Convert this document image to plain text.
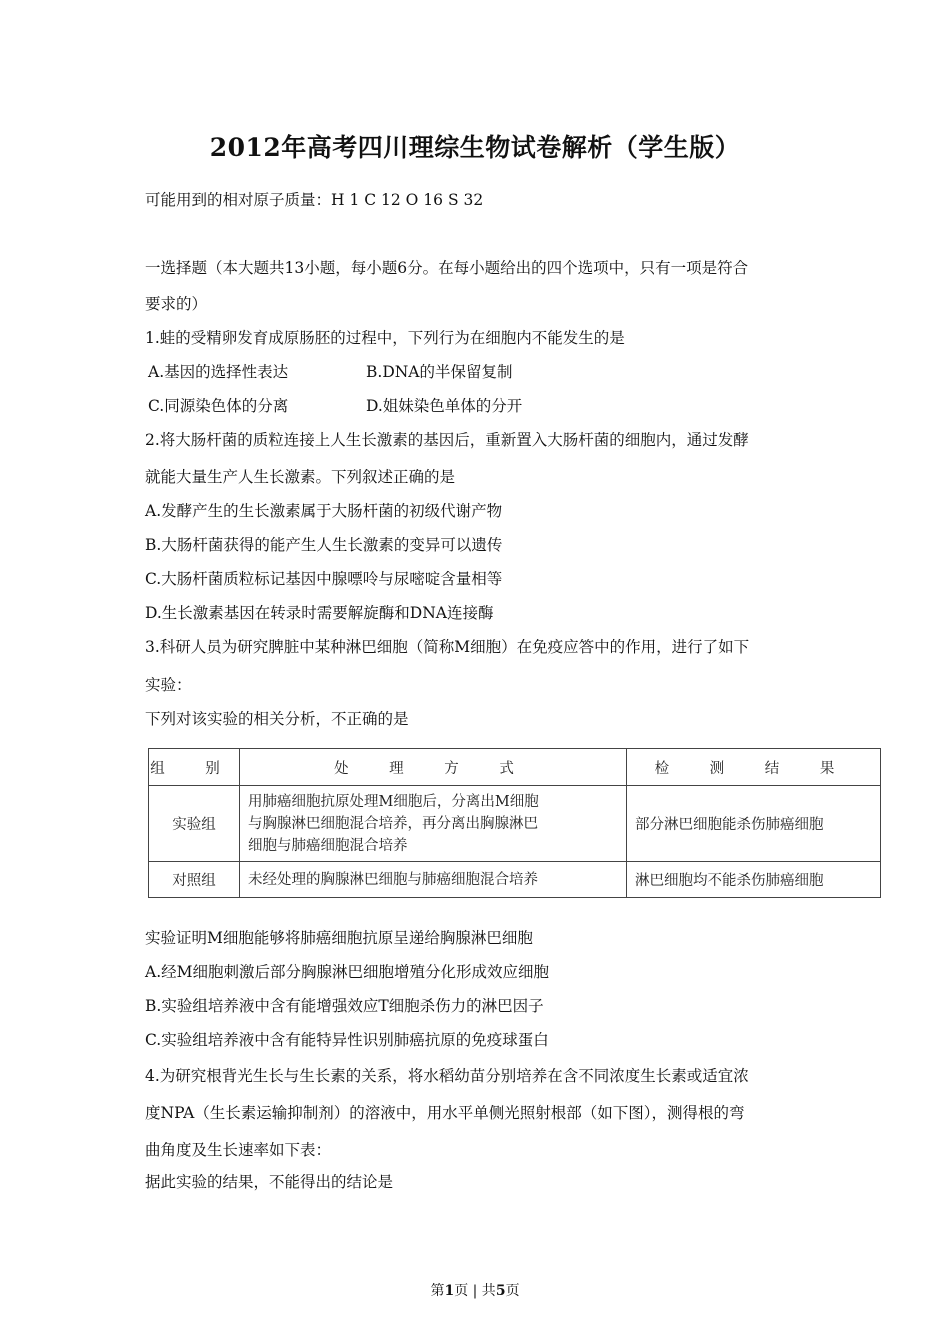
2012年高考四川理综生物试卷解析（学生版）
可能用到的相对原子质量：H 1 C 12 O 16 S 32
一选择题（本大题共13小题，每小题6分。在每小题给出的四个选项中，只有一项是符合
要求的）
1.蛙的受精卵发育成原肠胚的过程中，下列行为在细胞内不能发生的是
A.基因的选择性表达	B.DNA的半保留复制
C.同源染色体的分离	D.姐妹染色单体的分开
2.将大肠杆菌的质粒连接上人生长激素的基因后，重新置入大肠杆菌的细胞内，通过发酵
就能大量生产人生长激素。下列叙述正确的是
A.发酵产生的生长激素属于大肠杆菌的初级代谢产物
B.大肠杆菌获得的能产生人生长激素的变异可以遗传
C.大肠杆菌质粒标记基因中腺嘌呤与尿嘧啶含量相等
D.生长激素基因在转录时需要解旋酶和DNA连接酶
3.科研人员为研究脾脏中某种淋巴细胞（简称M细胞）在免疫应答中的作用，进行了如下
实验：
下列对该实验的相关分析，不正确的是
组 别	处 理 方 式	检 测 结 果
实验组	用肺癌细胞抗原处理M细胞后，分离出M细胞
与胸腺淋巴细胞混合培养，再分离出胸腺淋巴
细胞与肺癌细胞混合培养	部分淋巴细胞能杀伤肺癌细胞
对照组	未经处理的胸腺淋巴细胞与肺癌细胞混合培养	淋巴细胞均不能杀伤肺癌细胞
实验证明M细胞能够将肺癌细胞抗原呈递给胸腺淋巴细胞
A.经M细胞刺激后部分胸腺淋巴细胞增殖分化形成效应细胞
B.实验组培养液中含有能增强效应T细胞杀伤力的淋巴因子
C.实验组培养液中含有能特异性识别肺癌抗原的免疫球蛋白
4.为研究根背光生长与生长素的关系，将水稻幼苗分别培养在含不同浓度生长素或适宜浓
度NPA（生长素运输抑制剂）的溶液中，用水平单侧光照射根部（如下图），测得根的弯
曲角度及生长速率如下表：
据此实验的结果，不能得出的结论是
第1页 | 共5页
